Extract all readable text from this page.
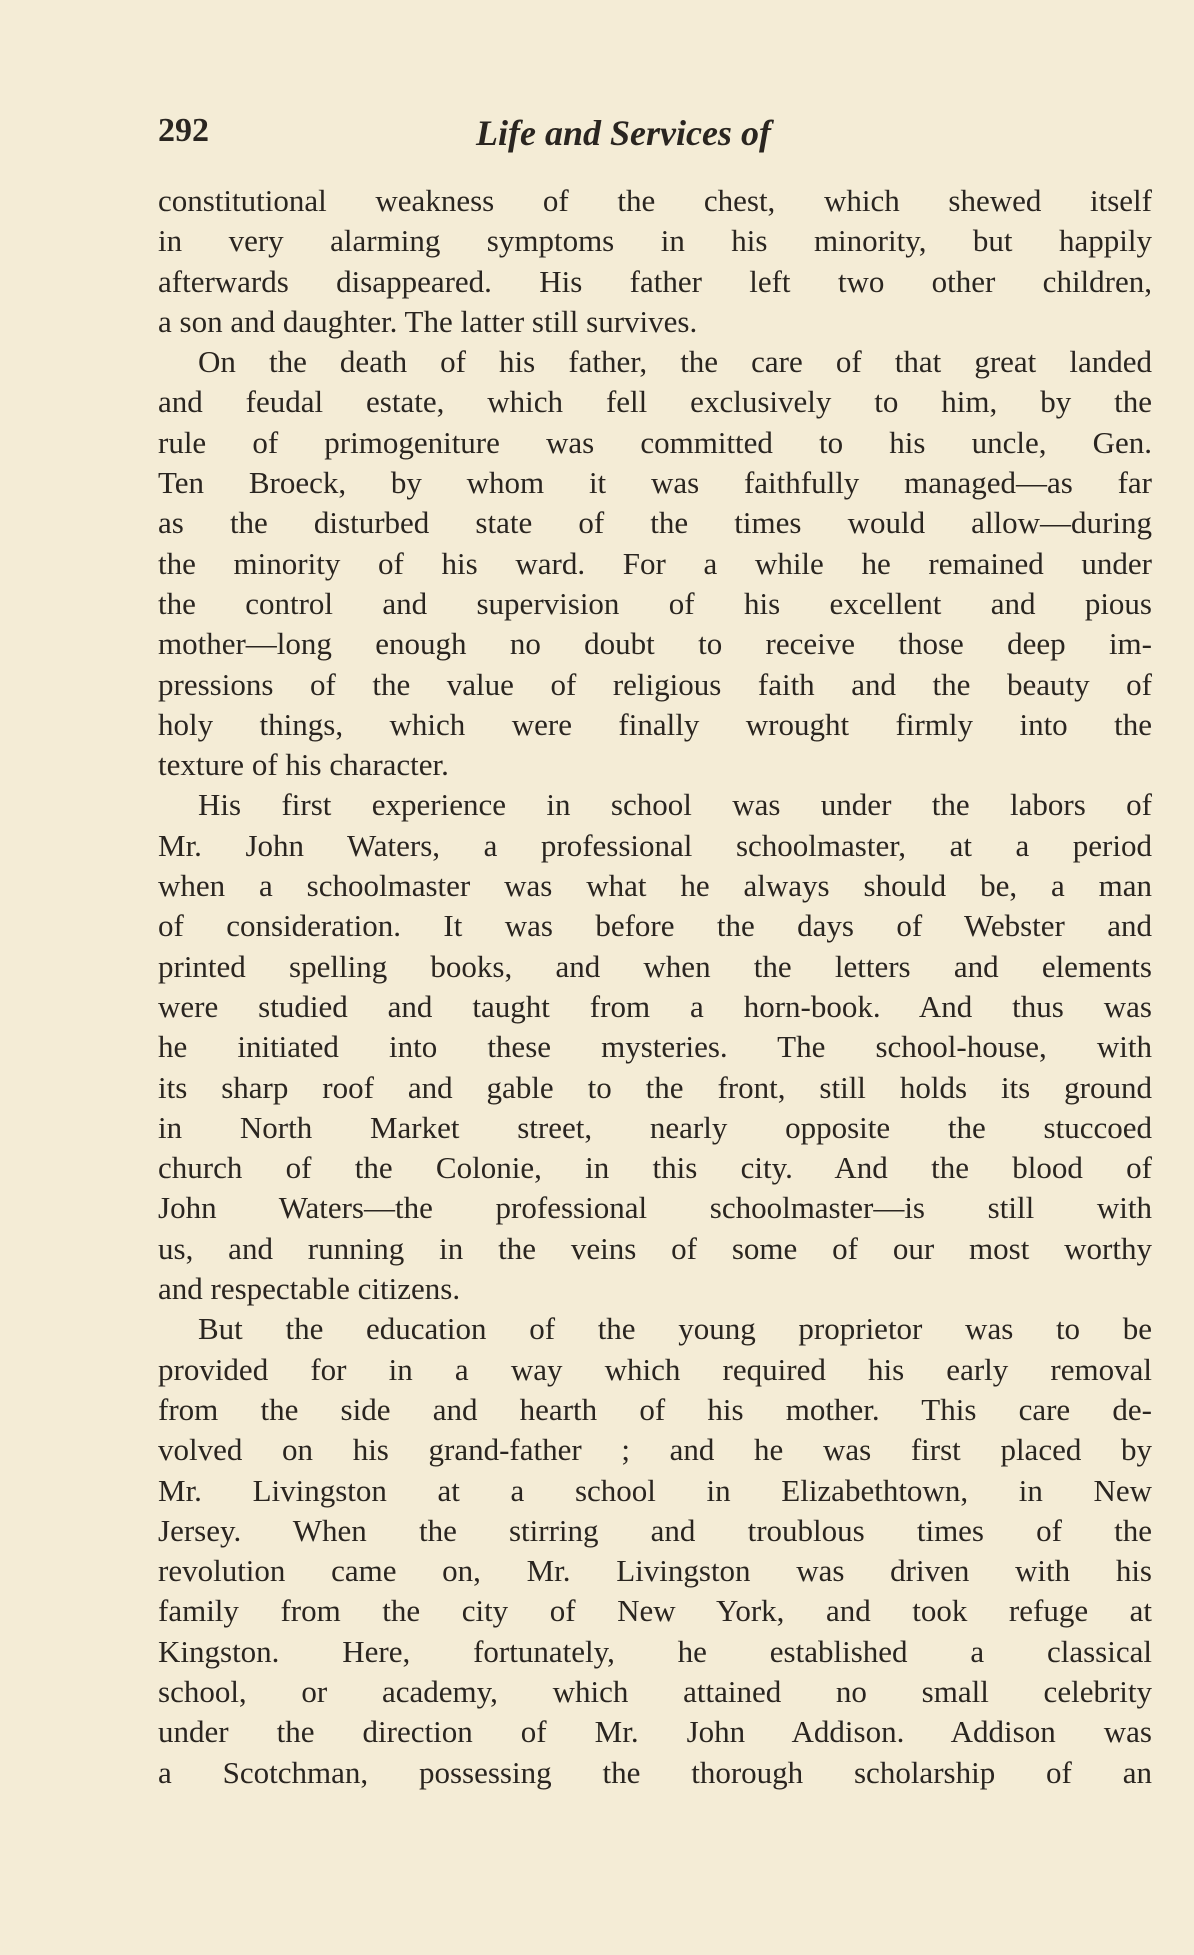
292	Life and Services of
constitutional weakness of the chest, which shewed itself
in very alarming symptoms in his minority, but happily
afterwards disappeared. His father left two other children,
a son and daughter. The latter still survives.
On the death of his father, the care of that great landed
and feudal estate, which fell exclusively to him, by the
rule of primogeniture was committed to his uncle, Gen.
Ten Broeck, by whom it was faithfully managed—as far
as the disturbed state of the times would allow—during
the minority of his ward. For a while he remained under
the control and supervision of his excellent and pious
mother—long enough no doubt to receive those deep im-
pressions of the value of religious faith and the beauty of
holy things, which were finally wrought firmly into the
texture of his character.
His first experience in school was under the labors of
Mr. John Waters, a professional schoolmaster, at a period
when a schoolmaster was what he always should be, a man
of consideration. It was before the days of Webster and
printed spelling books, and when the letters and elements
were studied and taught from a horn-book. And thus was
he initiated into these mysteries. The school-house, with
its sharp roof and gable to the front, still holds its ground
in North Market street, nearly opposite the stuccoed
church of the Colonie, in this city. And the blood of
John Waters—the professional schoolmaster—is still with
us, and running in the veins of some of our most worthy
and respectable citizens.
But the education of the young proprietor was to be
provided for in a way which required his early removal
from the side and hearth of his mother. This care de-
volved on his grand-father ; and he was first placed by
Mr. Livingston at a school in Elizabethtown, in New
Jersey. When the stirring and troublous times of the
revolution came on, Mr. Livingston was driven with his
family from the city of New York, and took refuge at
Kingston. Here, fortunately, he established a classical
school, or academy, which attained no small celebrity
under the direction of Mr. John Addison. Addison was
a Scotchman, possessing the thorough scholarship of an
